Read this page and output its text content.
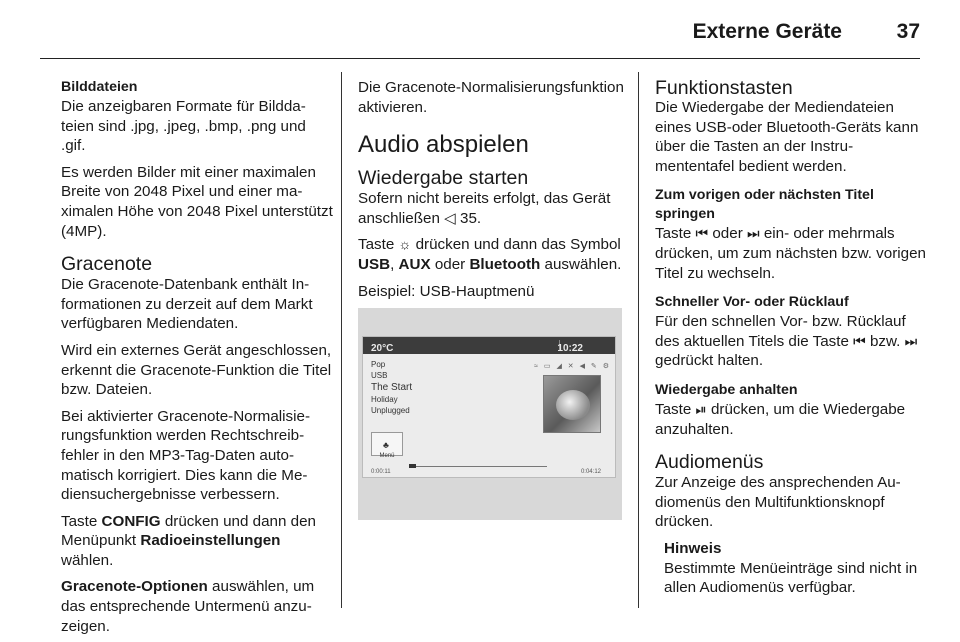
Externe Geräte	37
Bilddateien

Die anzeigbaren Formate für Bilddateien sind .jpg, .jpeg, .bmp, .png und .gif.

Es werden Bilder mit einer maximalen Breite von 2048 Pixel und einer maximalen Höhe von 2048 Pixel unterstützt (4MP).

Gracenote

Die Gracenote-Datenbank enthält Informationen zu derzeit auf dem Markt verfügbaren Mediendaten.

Wird ein externes Gerät angeschlossen, erkennt die Gracenote-Funktion die Titel bzw. Dateien.

Bei aktivierter Gracenote-Normalisierungsfunktion werden Rechtschreibfehler in den MP3-Tag-Daten automatisch korrigiert. Dies kann die Mediensuchergebnisse verbessern.

Taste CONFIG drücken und dann den Menüpunkt Radioeinstellungen wählen.

Gracenote-Optionen auswählen, um das entsprechende Untermenü anzuzeigen.

Die Gracenote-Normalisierungsfunktion aktivieren.

Audio abspielen
Wiedergabe starten

Sofern nicht bereits erfolgt, das Gerät anschließen ◁ 35.

Taste ☼ drücken und dann das Symbol USB, AUX oder Bluetooth auswählen.

Beispiel: USB-Hauptmenü

20°C	10:22
≈ ▭ ◢ ✕ ◀ ✎ ⚙
Pop
USB
The Start
Holiday
Unplugged
♣
Menü
0:00:11	0:04:12
Funktionstasten

Die Wiedergabe der Mediendateien eines USB-oder Bluetooth-Geräts kann über die Tasten an der Instrumententafel bedient werden.

Zum vorigen oder nächsten Titel springen

Taste ⏮ oder ⏭ ein- oder mehrmals drücken, um zum nächsten bzw. vorigen Titel zu wechseln.

Schneller Vor- oder Rücklauf

Für den schnellen Vor- bzw. Rücklauf des aktuellen Titels die Taste ⏮ bzw. ⏭ gedrückt halten.

Wiedergabe anhalten

Taste ⏯ drücken, um die Wiedergabe anzuhalten.

Audiomenüs

Zur Anzeige des ansprechenden Audiomenüs den Multifunktionsknopf drücken.

Hinweis
Bestimmte Menüeinträge sind nicht in allen Audiomenüs verfügbar.
